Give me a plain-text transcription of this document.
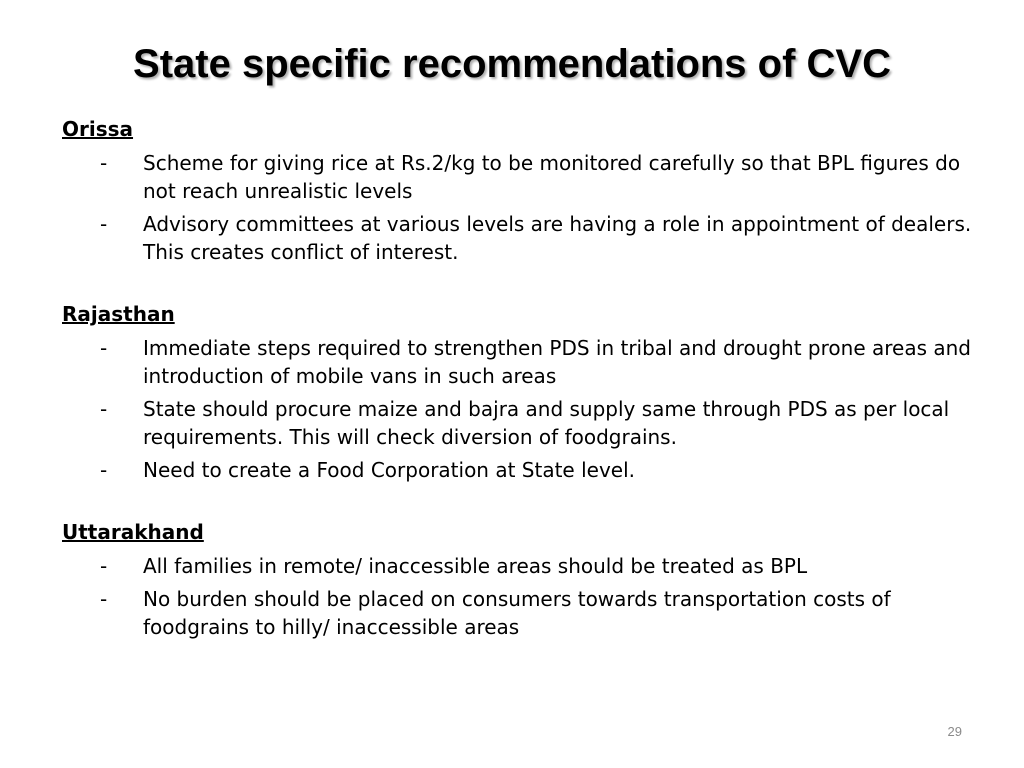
State specific recommendations of CVC
Orissa
- Scheme for giving rice at Rs.2/kg to be monitored carefully so that BPL figures do not reach unrealistic levels
- Advisory committees at various levels are having a role in appointment of dealers. This creates conflict of interest.
Rajasthan
- Immediate steps required to strengthen PDS in tribal and drought prone areas and introduction of mobile vans in such areas
- State should procure maize and bajra and supply same through PDS as per local requirements. This will check diversion of foodgrains.
- Need to create a Food Corporation at State level.
Uttarakhand
- All families in remote/ inaccessible areas should be treated as BPL
- No burden should be placed on consumers towards transportation costs of foodgrains to hilly/ inaccessible areas
29
